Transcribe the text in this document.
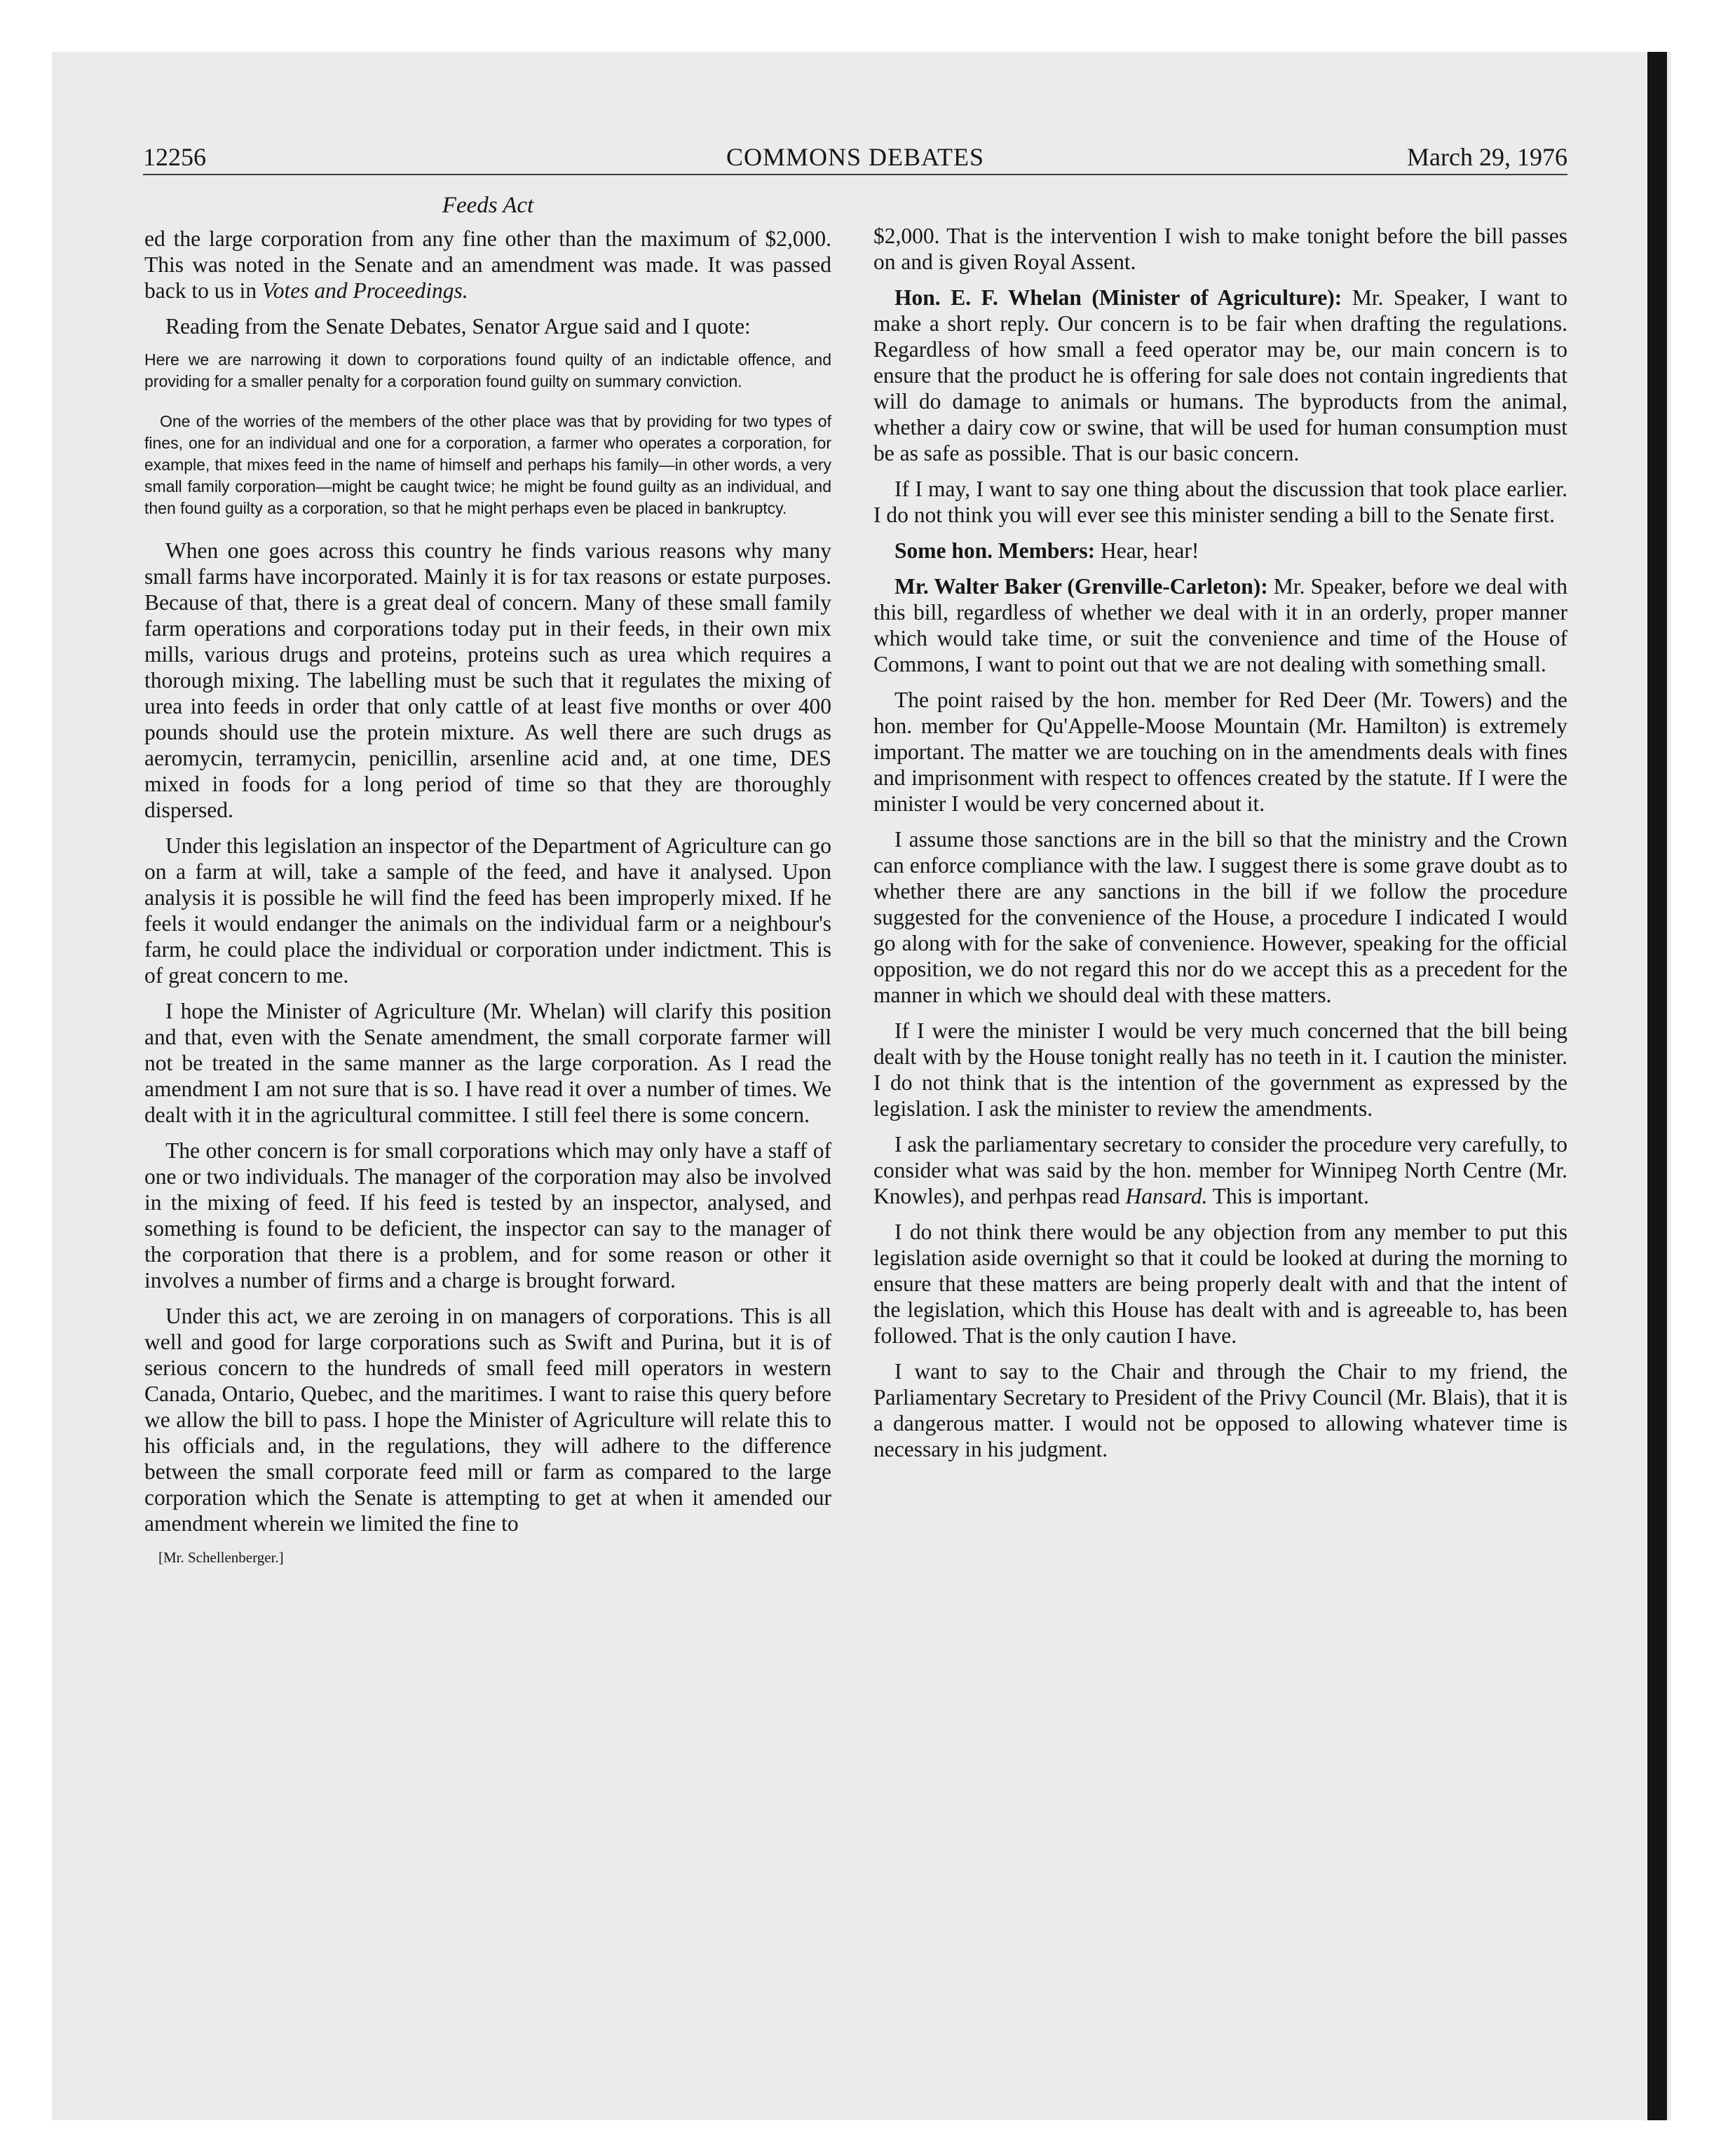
12256	COMMONS DEBATES	March 29, 1976
Feeds Act

ed the large corporation from any fine other than the maximum of $2,000. This was noted in the Senate and an amendment was made. It was passed back to us in Votes and Proceedings.

Reading from the Senate Debates, Senator Argue said and I quote:

Here we are narrowing it down to corporations found quilty of an indictable offence, and providing for a smaller penalty for a corporation found guilty on summary conviction.

One of the worries of the members of the other place was that by providing for two types of fines, one for an individual and one for a corporation, a farmer who operates a corporation, for example, that mixes feed in the name of himself and perhaps his family—in other words, a very small family corporation—might be caught twice; he might be found guilty as an individual, and then found guilty as a corporation, so that he might perhaps even be placed in bankruptcy.

When one goes across this country he finds various reasons why many small farms have incorporated. Mainly it is for tax reasons or estate purposes. Because of that, there is a great deal of concern. Many of these small family farm operations and corporations today put in their feeds, in their own mix mills, various drugs and proteins, proteins such as urea which requires a thorough mixing. The labelling must be such that it regulates the mixing of urea into feeds in order that only cattle of at least five months or over 400 pounds should use the protein mixture. As well there are such drugs as aeromycin, terramycin, penicillin, arsenline acid and, at one time, DES mixed in foods for a long period of time so that they are thoroughly dispersed.

Under this legislation an inspector of the Department of Agriculture can go on a farm at will, take a sample of the feed, and have it analysed. Upon analysis it is possible he will find the feed has been improperly mixed. If he feels it would endanger the animals on the individual farm or a neighbour's farm, he could place the individual or corporation under indictment. This is of great concern to me.

I hope the Minister of Agriculture (Mr. Whelan) will clarify this position and that, even with the Senate amendment, the small corporate farmer will not be treated in the same manner as the large corporation. As I read the amendment I am not sure that is so. I have read it over a number of times. We dealt with it in the agricultural committee. I still feel there is some concern.

The other concern is for small corporations which may only have a staff of one or two individuals. The manager of the corporation may also be involved in the mixing of feed. If his feed is tested by an inspector, analysed, and something is found to be deficient, the inspector can say to the manager of the corporation that there is a problem, and for some reason or other it involves a number of firms and a charge is brought forward.

Under this act, we are zeroing in on managers of corporations. This is all well and good for large corporations such as Swift and Purina, but it is of serious concern to the hundreds of small feed mill operators in western Canada, Ontario, Quebec, and the maritimes. I want to raise this query before we allow the bill to pass. I hope the Minister of Agriculture will relate this to his officials and, in the regulations, they will adhere to the difference between the small corporate feed mill or farm as compared to the large corporation which the Senate is attempting to get at when it amended our amendment wherein we limited the fine to

[Mr. Schellenberger.]

$2,000. That is the intervention I wish to make tonight before the bill passes on and is given Royal Assent.

Hon. E. F. Whelan (Minister of Agriculture): Mr. Speaker, I want to make a short reply. Our concern is to be fair when drafting the regulations. Regardless of how small a feed operator may be, our main concern is to ensure that the product he is offering for sale does not contain ingredients that will do damage to animals or humans. The byproducts from the animal, whether a dairy cow or swine, that will be used for human consumption must be as safe as possible. That is our basic concern.

If I may, I want to say one thing about the discussion that took place earlier. I do not think you will ever see this minister sending a bill to the Senate first.

Some hon. Members: Hear, hear!

Mr. Walter Baker (Grenville-Carleton): Mr. Speaker, before we deal with this bill, regardless of whether we deal with it in an orderly, proper manner which would take time, or suit the convenience and time of the House of Commons, I want to point out that we are not dealing with something small.

The point raised by the hon. member for Red Deer (Mr. Towers) and the hon. member for Qu'Appelle-Moose Mountain (Mr. Hamilton) is extremely important. The matter we are touching on in the amendments deals with fines and imprisonment with respect to offences created by the statute. If I were the minister I would be very concerned about it.

I assume those sanctions are in the bill so that the ministry and the Crown can enforce compliance with the law. I suggest there is some grave doubt as to whether there are any sanctions in the bill if we follow the procedure suggested for the convenience of the House, a procedure I indicated I would go along with for the sake of convenience. However, speaking for the official opposition, we do not regard this nor do we accept this as a precedent for the manner in which we should deal with these matters.

If I were the minister I would be very much concerned that the bill being dealt with by the House tonight really has no teeth in it. I caution the minister. I do not think that is the intention of the government as expressed by the legislation. I ask the minister to review the amendments.

I ask the parliamentary secretary to consider the procedure very carefully, to consider what was said by the hon. member for Winnipeg North Centre (Mr. Knowles), and perhpas read Hansard. This is important.

I do not think there would be any objection from any member to put this legislation aside overnight so that it could be looked at during the morning to ensure that these matters are being properly dealt with and that the intent of the legislation, which this House has dealt with and is agreeable to, has been followed. That is the only caution I have.

I want to say to the Chair and through the Chair to my friend, the Parliamentary Secretary to President of the Privy Council (Mr. Blais), that it is a dangerous matter. I would not be opposed to allowing whatever time is necessary in his judgment.
